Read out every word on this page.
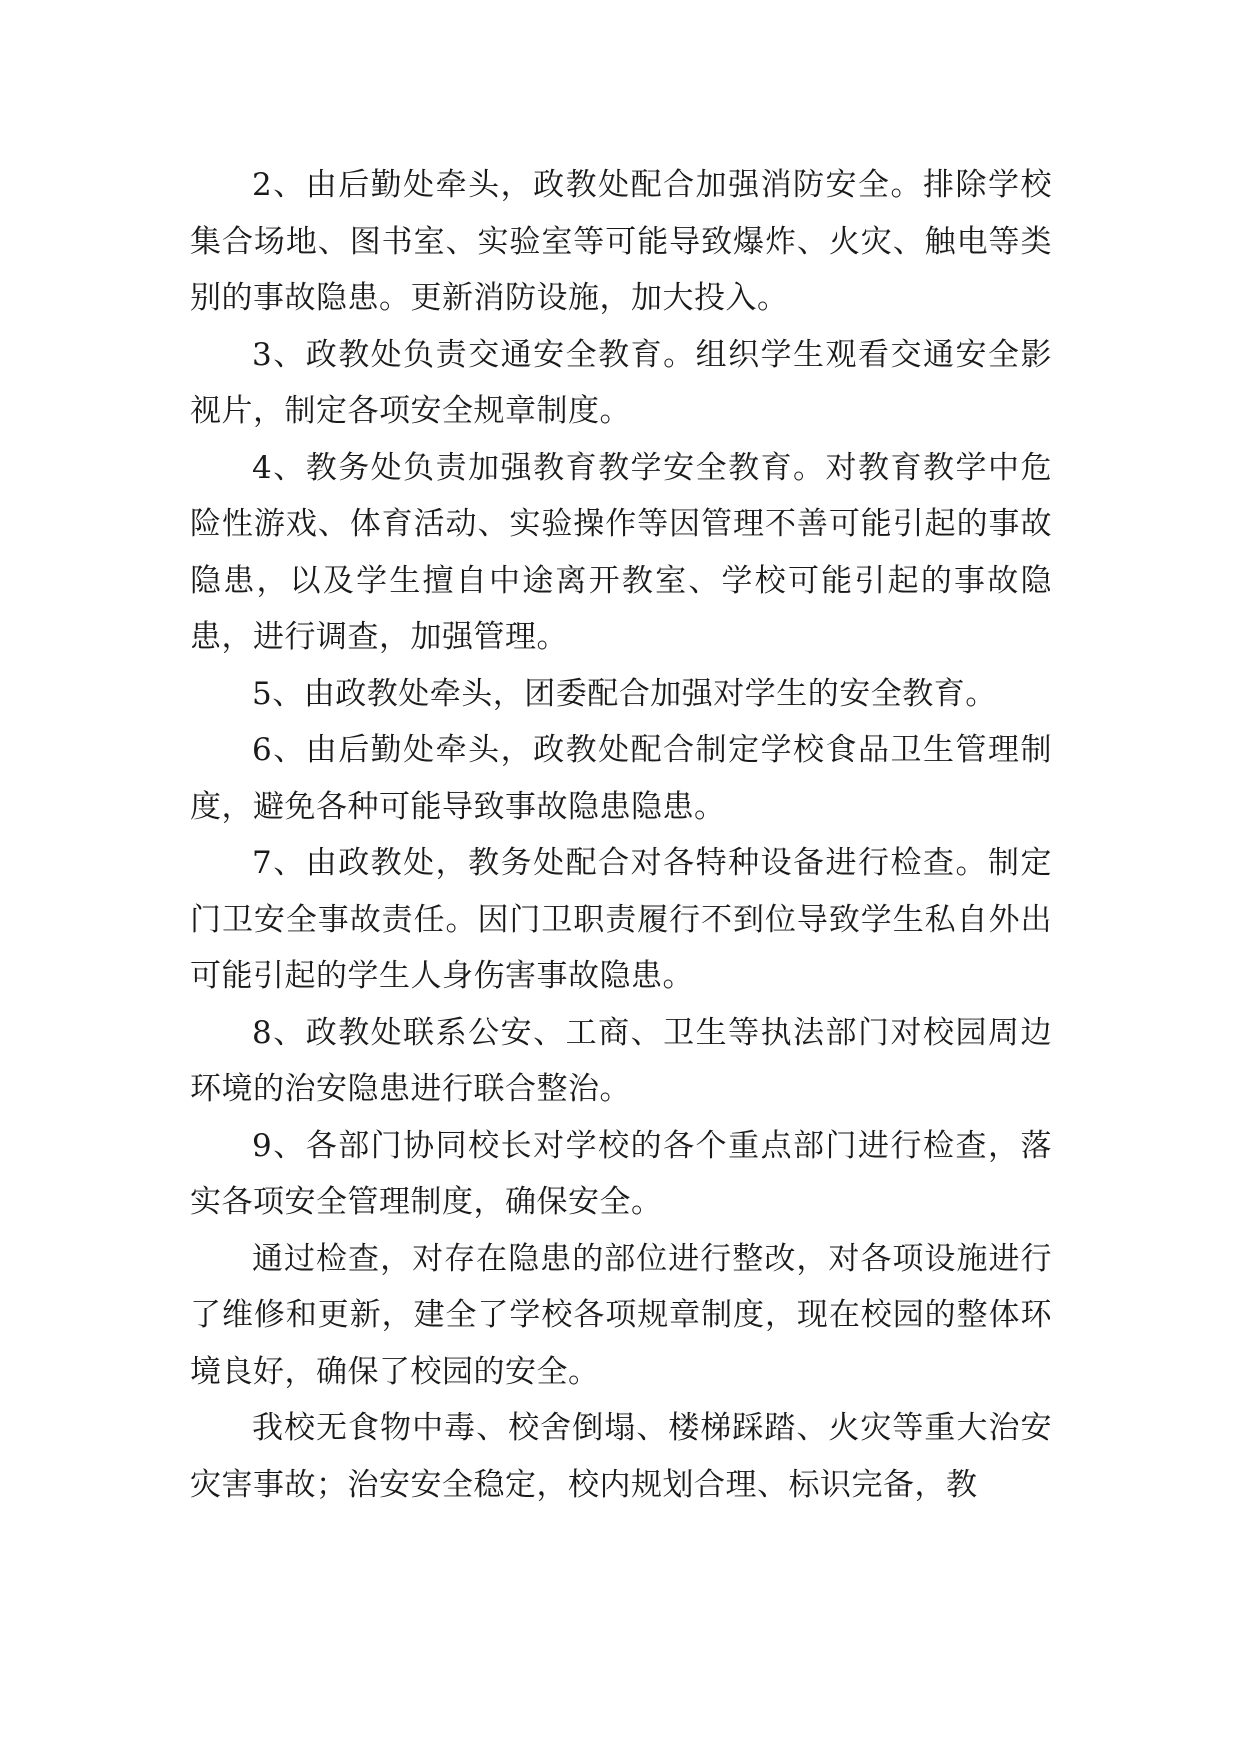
2、由后勤处牵头，政教处配合加强消防安全。排除学校集合场地、图书室、实验室等可能导致爆炸、火灾、触电等类别的事故隐患。更新消防设施，加大投入。

3、政教处负责交通安全教育。组织学生观看交通安全影视片，制定各项安全规章制度。

4、教务处负责加强教育教学安全教育。对教育教学中危险性游戏、体育活动、实验操作等因管理不善可能引起的事故隐患，以及学生擅自中途离开教室、学校可能引起的事故隐患，进行调查，加强管理。

5、由政教处牵头，团委配合加强对学生的安全教育。

6、由后勤处牵头，政教处配合制定学校食品卫生管理制度，避免各种可能导致事故隐患隐患。

7、由政教处，教务处配合对各特种设备进行检查。制定门卫安全事故责任。因门卫职责履行不到位导致学生私自外出可能引起的学生人身伤害事故隐患。

8、政教处联系公安、工商、卫生等执法部门对校园周边环境的治安隐患进行联合整治。

9、各部门协同校长对学校的各个重点部门进行检查，落实各项安全管理制度，确保安全。

通过检查，对存在隐患的部位进行整改，对各项设施进行了维修和更新，建全了学校各项规章制度，现在校园的整体环境良好，确保了校园的安全。

我校无食物中毒、校舍倒塌、楼梯踩踏、火灾等重大治安灾害事故；治安安全稳定，校内规划合理、标识完备，教
